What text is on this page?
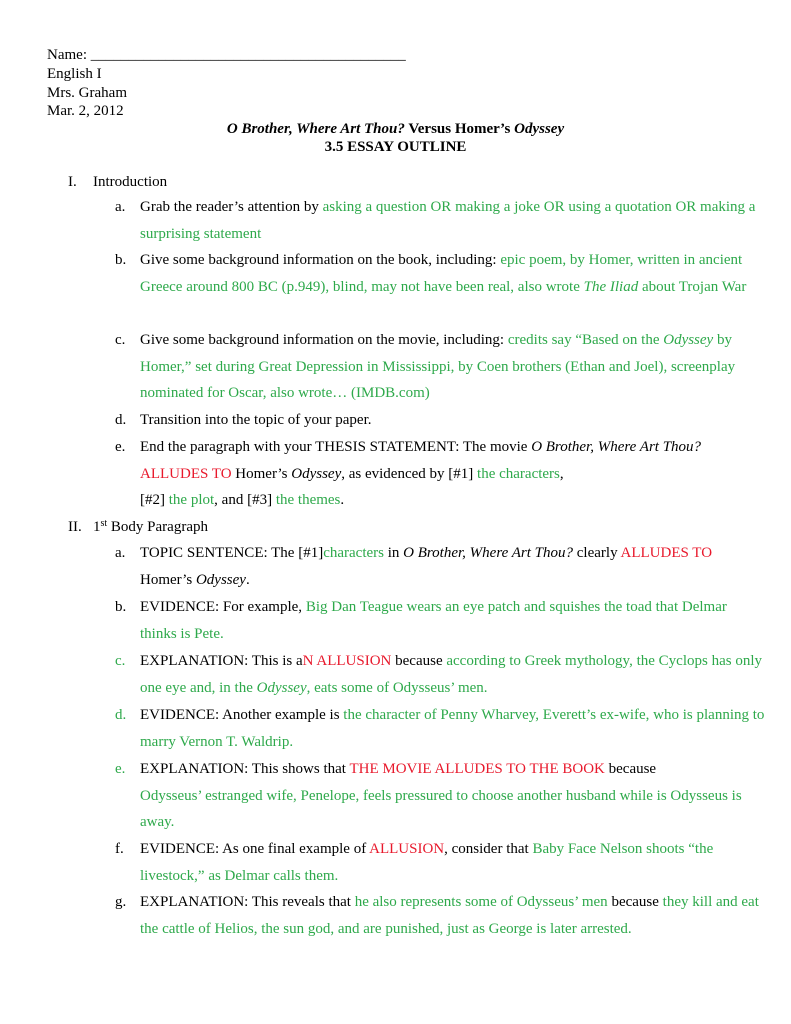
Name: __________________________________________
English I
Mrs. Graham
Mar. 2, 2012
O Brother, Where Art Thou? Versus Homer’s Odyssey
3.5 ESSAY OUTLINE
I. Introduction
a. Grab the reader’s attention by asking a question OR making a joke OR using a quotation OR making a surprising statement
b. Give some background information on the book, including: epic poem, by Homer, written in ancient Greece around 800 BC (p.949), blind, may not have been real, also wrote The Iliad about Trojan War
c. Give some background information on the movie, including: credits say “Based on the Odyssey by Homer,” set during Great Depression in Mississippi, by Coen brothers (Ethan and Joel), screenplay nominated for Oscar, also wrote… (IMDB.com)
d. Transition into the topic of your paper.
e. End the paragraph with your THESIS STATEMENT: The movie O Brother, Where Art Thou?
ALLUDES TO Homer’s Odyssey, as evidenced by [#1] the characters,
[#2] the plot, and [#3] the themes.
II. 1st Body Paragraph
a. TOPIC SENTENCE: The [#1]characters in O Brother, Where Art Thou? clearly ALLUDES TO
Homer’s Odyssey.
b. EVIDENCE: For example, Big Dan Teague wears an eye patch and squishes the toad that Delmar thinks is Pete.
c. EXPLANATION: This is aN ALLUSION because according to Greek mythology, the Cyclops has only one eye and, in the Odyssey, eats some of Odysseus’ men.
d. EVIDENCE: Another example is the character of Penny Wharvey, Everett’s ex-wife, who is planning to marry Vernon T. Waldrip.
e. EXPLANATION: This shows that THE MOVIE ALLUDES TO THE BOOK because
Odysseus’ estranged wife, Penelope, feels pressured to choose another husband while is Odysseus is away.
f. EVIDENCE: As one final example of ALLUSION, consider that Baby Face Nelson shoots “the livestock,” as Delmar calls them.
g. EXPLANATION: This reveals that he also represents some of Odysseus’ men because they kill and eat the cattle of Helios, the sun god, and are punished, just as George is later arrested.
